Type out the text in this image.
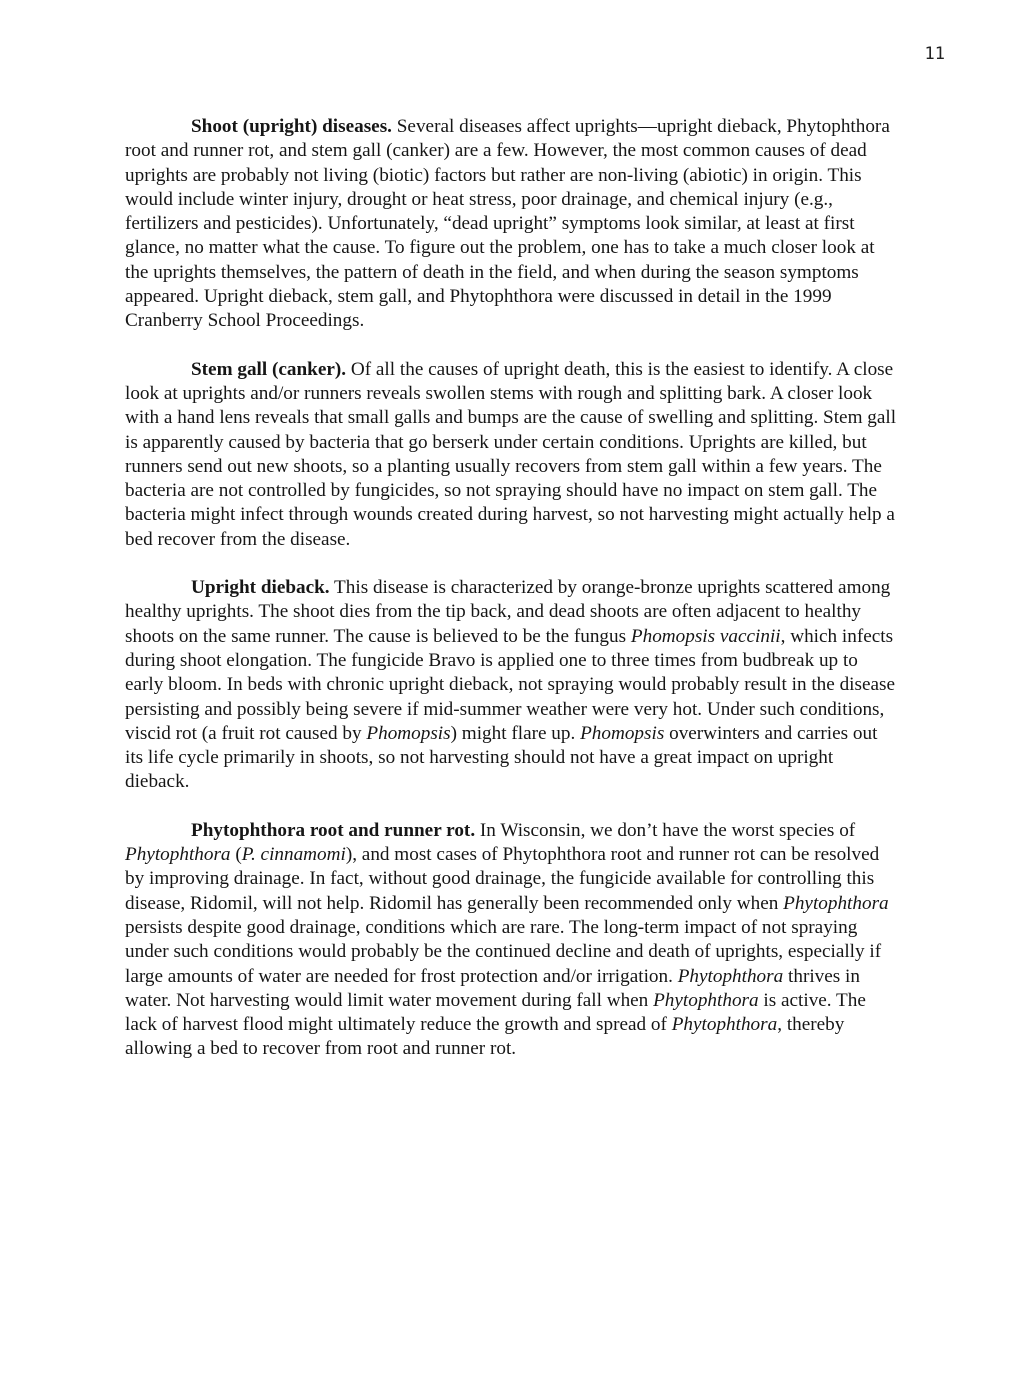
11

Shoot (upright) diseases. Several diseases affect uprights—upright dieback, Phytophthora root and runner rot, and stem gall (canker) are a few. However, the most common causes of dead uprights are probably not living (biotic) factors but rather are non-living (abiotic) in origin. This would include winter injury, drought or heat stress, poor drainage, and chemical injury (e.g., fertilizers and pesticides). Unfortunately, “dead upright” symptoms look similar, at least at first glance, no matter what the cause. To figure out the problem, one has to take a much closer look at the uprights themselves, the pattern of death in the field, and when during the season symptoms appeared. Upright dieback, stem gall, and Phytophthora were discussed in detail in the 1999 Cranberry School Proceedings.

Stem gall (canker). Of all the causes of upright death, this is the easiest to identify. A close look at uprights and/or runners reveals swollen stems with rough and splitting bark. A closer look with a hand lens reveals that small galls and bumps are the cause of swelling and splitting. Stem gall is apparently caused by bacteria that go berserk under certain conditions. Uprights are killed, but runners send out new shoots, so a planting usually recovers from stem gall within a few years. The bacteria are not controlled by fungicides, so not spraying should have no impact on stem gall. The bacteria might infect through wounds created during harvest, so not harvesting might actually help a bed recover from the disease.

Upright dieback. This disease is characterized by orange-bronze uprights scattered among healthy uprights. The shoot dies from the tip back, and dead shoots are often adjacent to healthy shoots on the same runner. The cause is believed to be the fungus Phomopsis vaccinii, which infects during shoot elongation. The fungicide Bravo is applied one to three times from budbreak up to early bloom. In beds with chronic upright dieback, not spraying would probably result in the disease persisting and possibly being severe if mid-summer weather were very hot. Under such conditions, viscid rot (a fruit rot caused by Phomopsis) might flare up. Phomopsis overwinters and carries out its life cycle primarily in shoots, so not harvesting should not have a great impact on upright dieback.

Phytophthora root and runner rot. In Wisconsin, we don’t have the worst species of Phytophthora (P. cinnamomi), and most cases of Phytophthora root and runner rot can be resolved by improving drainage. In fact, without good drainage, the fungicide available for controlling this disease, Ridomil, will not help. Ridomil has generally been recommended only when Phytophthora persists despite good drainage, conditions which are rare. The long-term impact of not spraying under such conditions would probably be the continued decline and death of uprights, especially if large amounts of water are needed for frost protection and/or irrigation. Phytophthora thrives in water. Not harvesting would limit water movement during fall when Phytophthora is active. The lack of harvest flood might ultimately reduce the growth and spread of Phytophthora, thereby allowing a bed to recover from root and runner rot.
